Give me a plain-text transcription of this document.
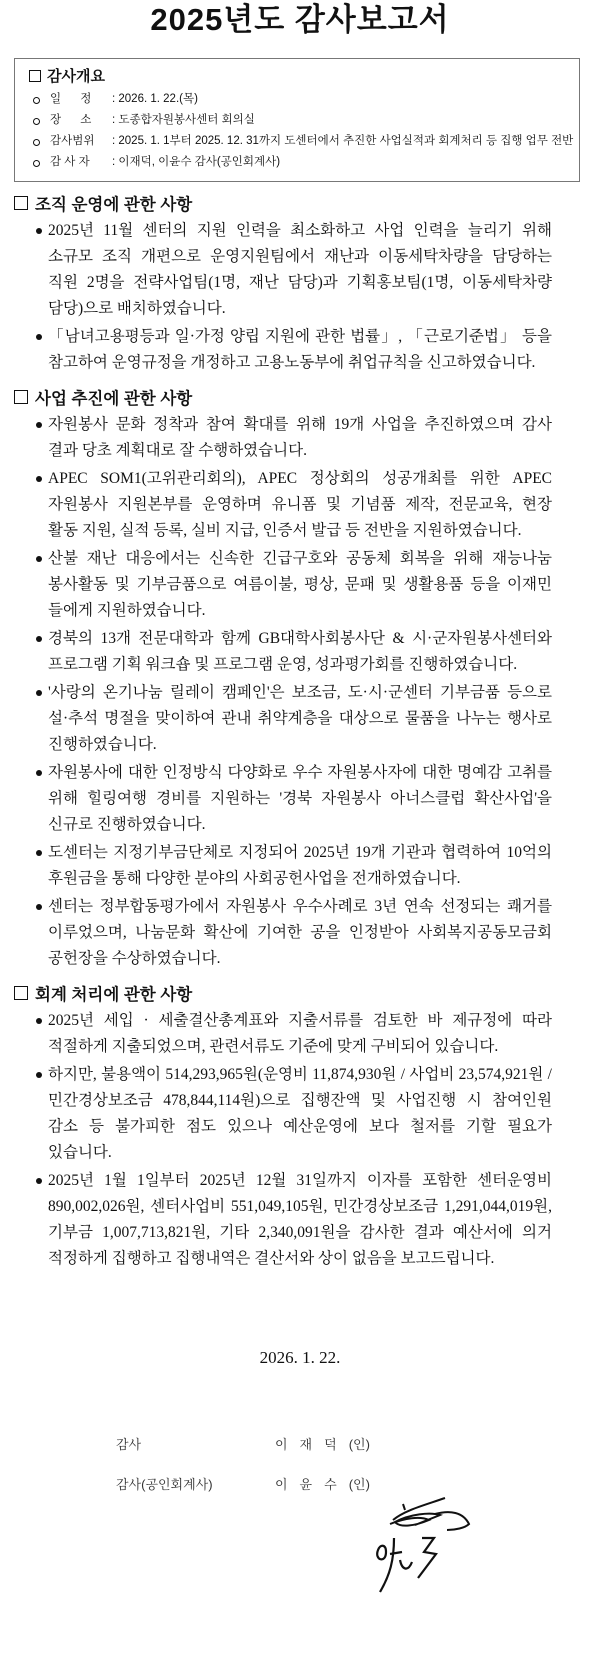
2025년도 감사보고서
감사개요
일      정	: 2026. 1. 22.(목)
장      소	: 도종합자원봉사센터 회의실
감사범위	: 2025. 1. 1부터 2025. 12. 31까지 도센터에서 추진한 사업실적과 회계처리 등 집행 업무 전반
감 사 자	: 이재덕, 이윤수 감사(공인회계사)
조직 운영에 관한 사항
2025년 11월 센터의 지원 인력을 최소화하고 사업 인력을 늘리기 위해
소규모 조직 개편으로 운영지원팀에서 재난과 이동세탁차량을 담당하는
직원 2명을 전략사업팀(1명, 재난 담당)과 기획홍보팀(1명, 이동세탁차량
담당)으로 배치하였습니다.
「남녀고용평등과 일·가정 양립 지원에 관한 법률」, 「근로기준법」 등을
참고하여 운영규정을 개정하고 고용노동부에 취업규칙을 신고하였습니다.
사업 추진에 관한 사항
자원봉사 문화 정착과 참여 확대를 위해 19개 사업을 추진하였으며 감사
결과 당초 계획대로 잘 수행하였습니다.
APEC SOM1(고위관리회의), APEC 정상회의 성공개최를 위한 APEC
자원봉사 지원본부를 운영하며 유니폼 및 기념품 제작, 전문교육, 현장
활동 지원, 실적 등록, 실비 지급, 인증서 발급 등 전반을 지원하였습니다.
산불 재난 대응에서는 신속한 긴급구호와 공동체 회복을 위해 재능나눔
봉사활동 및 기부금품으로 여름이불, 평상, 문패 및 생활용품 등을 이재민
들에게 지원하였습니다.
경북의 13개 전문대학과 함께 GB대학사회봉사단 & 시·군자원봉사센터와
프로그램 기획 워크숍 및 프로그램 운영, 성과평가회를 진행하였습니다.
'사랑의 온기나눔 릴레이 캠페인'은 보조금, 도·시·군센터 기부금품 등으로
설·추석 명절을 맞이하여 관내 취약계층을 대상으로 물품을 나누는 행사로
진행하였습니다.
자원봉사에 대한 인정방식 다양화로 우수 자원봉사자에 대한 명예감 고취를
위해 힐링여행 경비를 지원하는 '경북 자원봉사 아너스클럽 확산사업'을
신규로 진행하였습니다.
도센터는 지정기부금단체로 지정되어 2025년 19개 기관과 협력하여 10억의
후원금을 통해 다양한 분야의 사회공헌사업을 전개하였습니다.
센터는 정부합동평가에서 자원봉사 우수사례로 3년 연속 선정되는 쾌거를
이루었으며, 나눔문화 확산에 기여한 공을 인정받아 사회복지공동모금회
공헌장을 수상하였습니다.
회계 처리에 관한 사항
2025년 세입 · 세출결산총계표와 지출서류를 검토한 바 제규정에 따라
적절하게 지출되었으며, 관련서류도 기준에 맞게 구비되어 있습니다.
하지만, 불용액이 514,293,965원(운영비 11,874,930원 / 사업비 23,574,921원 /
민간경상보조금 478,844,114원)으로 집행잔액 및 사업진행 시 참여인원
감소 등 불가피한 점도 있으나 예산운영에 보다 철저를 기할 필요가
있습니다.
2025년 1월 1일부터 2025년 12월 31일까지 이자를 포함한 센터운영비
890,002,026원, 센터사업비 551,049,105원, 민간경상보조금 1,291,044,019원,
기부금 1,007,713,821원, 기타 2,340,091원을 감사한 결과 예산서에 의거
적정하게 집행하고 집행내역은 결산서와 상이 없음을 보고드립니다.
2026. 1. 22.
감사	이재덕(인)
감사(공인회계사)	이윤수(인)
